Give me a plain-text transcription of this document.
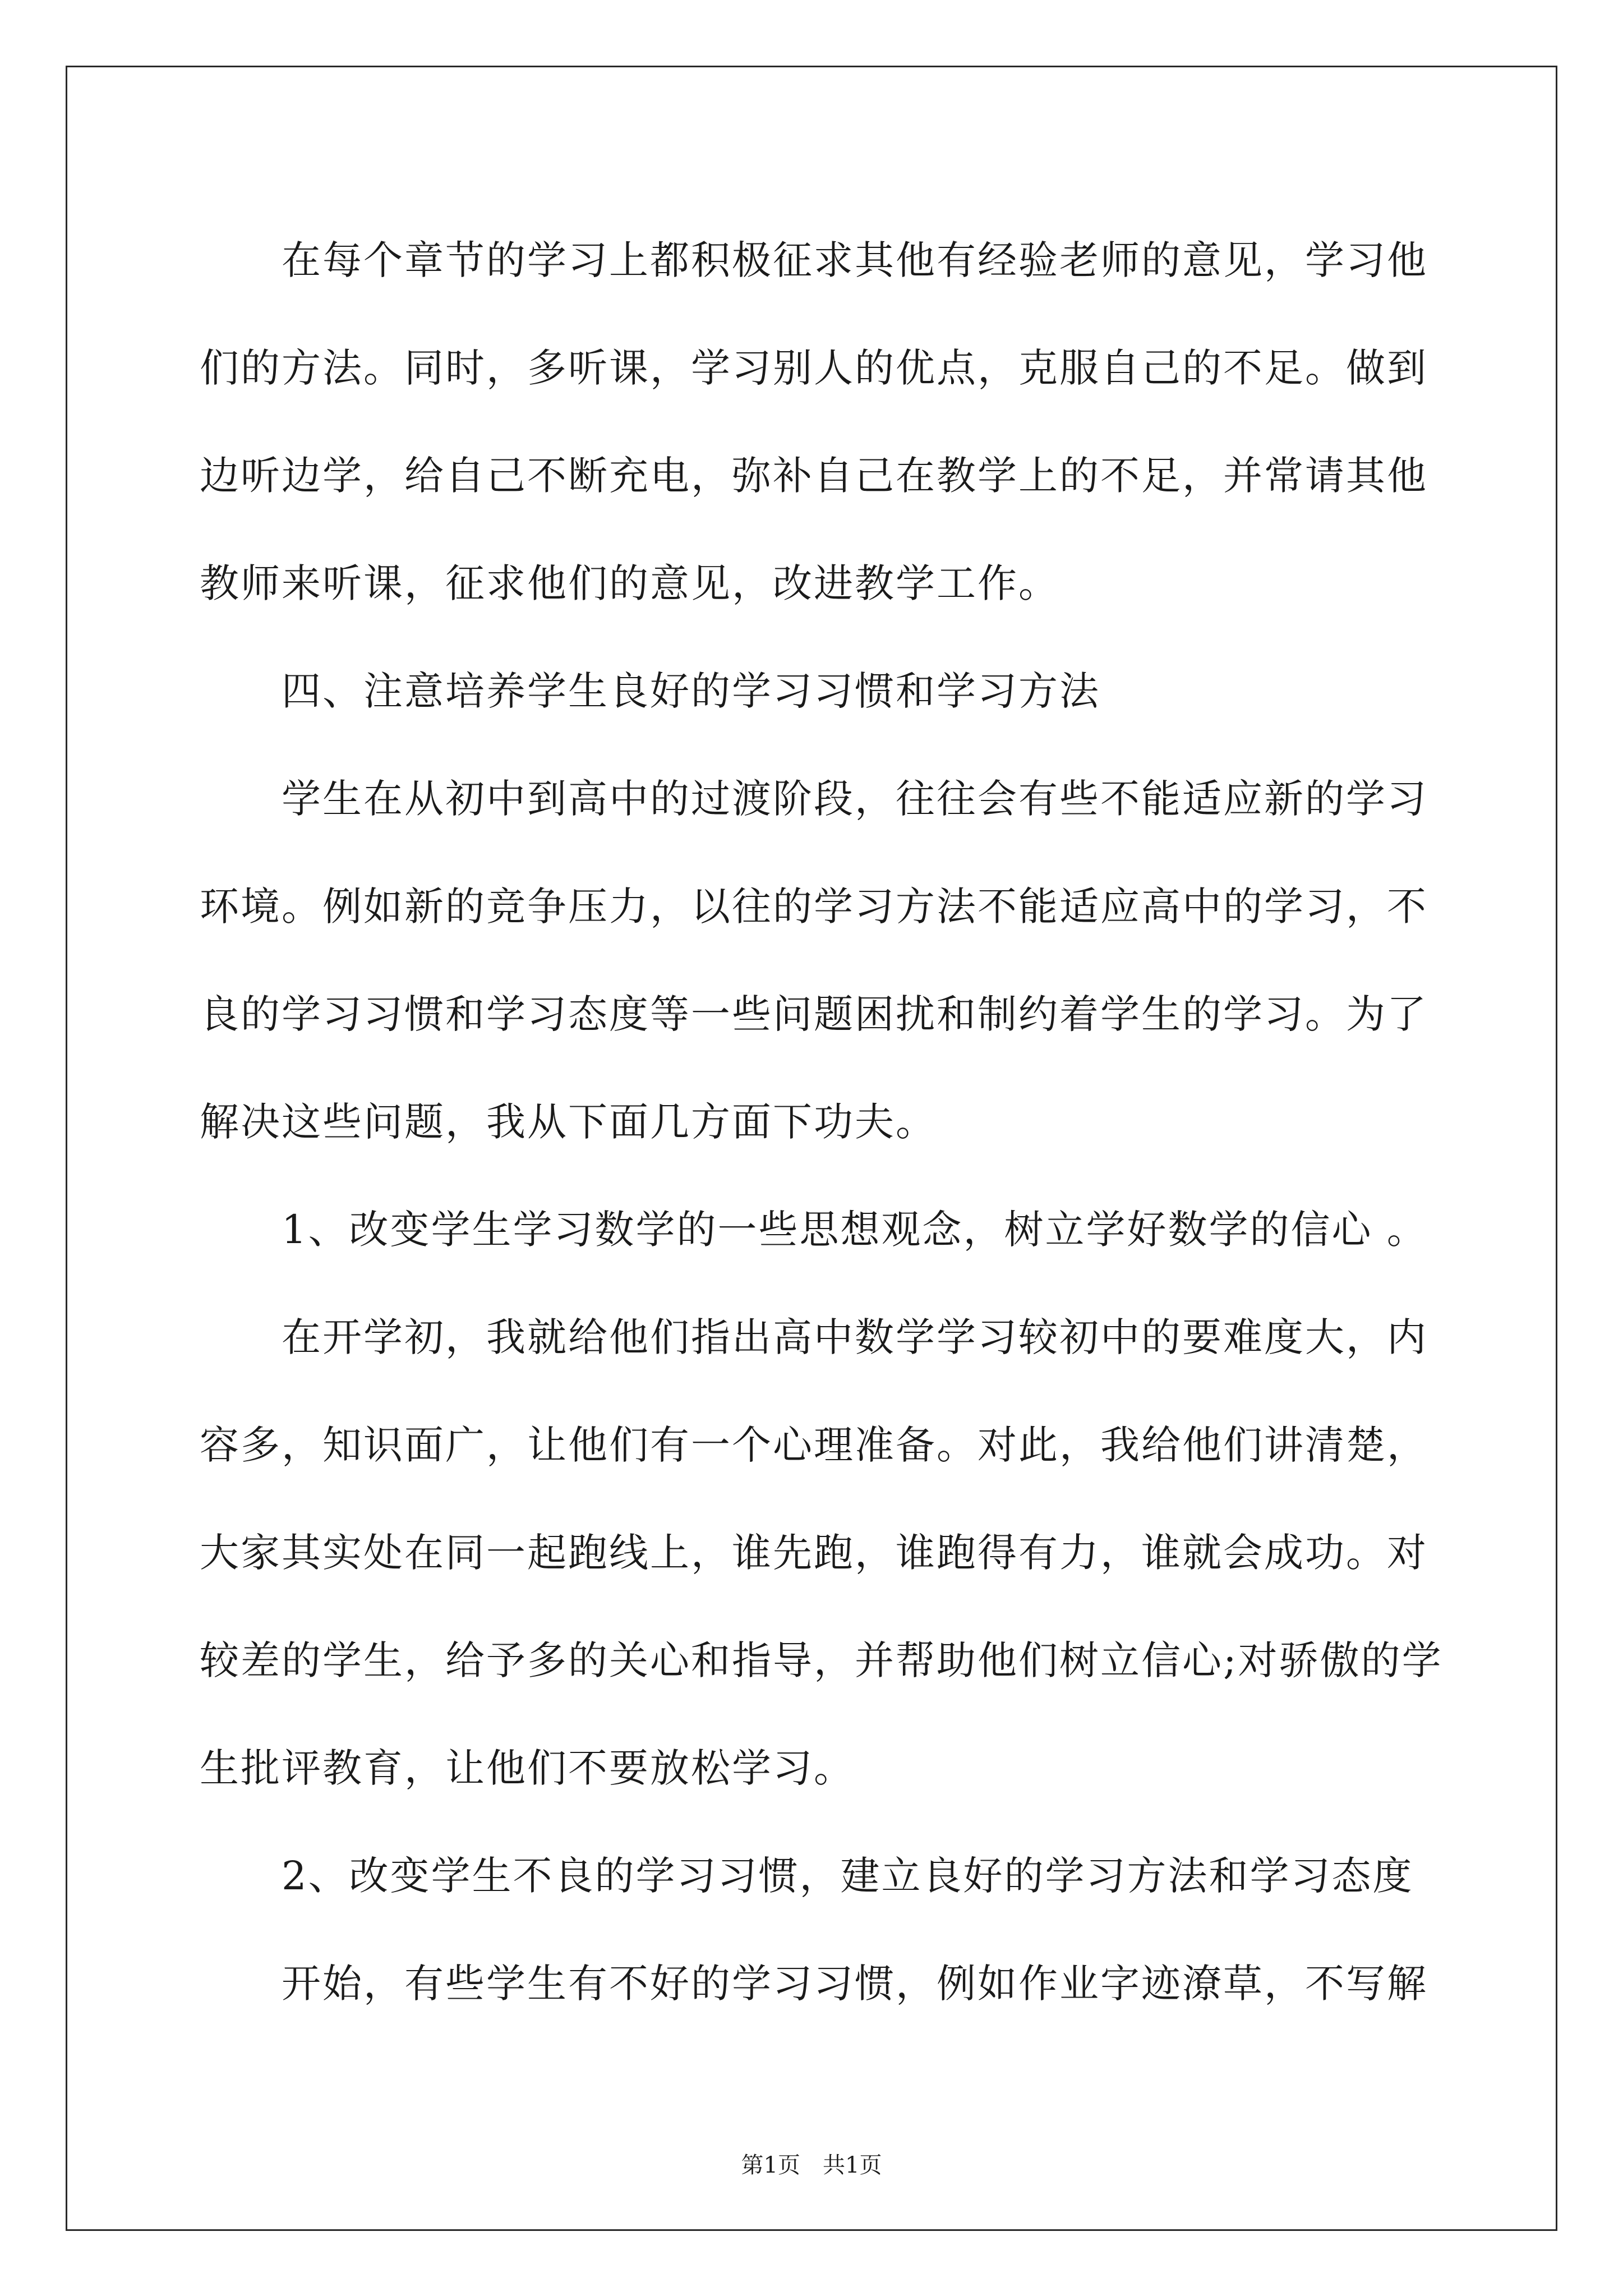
在每个章节的学习上都积极征求其他有经验老师的意见，学习他
们的方法。同时，多听课，学习别人的优点，克服自己的不足。做到
边听边学，给自己不断充电，弥补自己在教学上的不足，并常请其他
教师来听课，征求他们的意见，改进教学工作。
四、注意培养学生良好的学习习惯和学习方法
学生在从初中到高中的过渡阶段，往往会有些不能适应新的学习
环境。例如新的竞争压力，以往的学习方法不能适应高中的学习，不
良的学习习惯和学习态度等一些问题困扰和制约着学生的学习。为了
解决这些问题，我从下面几方面下功夫。
1、改变学生学习数学的一些思想观念，树立学好数学的信心 。
在开学初，我就给他们指出高中数学学习较初中的要难度大，内
容多，知识面广，让他们有一个心理准备。对此，我给他们讲清楚，
大家其实处在同一起跑线上，谁先跑，谁跑得有力，谁就会成功。对
较差的学生，给予多的关心和指导，并帮助他们树立信心;对骄傲的学
生批评教育，让他们不要放松学习。
2、改变学生不良的学习习惯，建立良好的学习方法和学习态度
开始，有些学生有不好的学习习惯，例如作业字迹潦草，不写解
第1页　共1页
